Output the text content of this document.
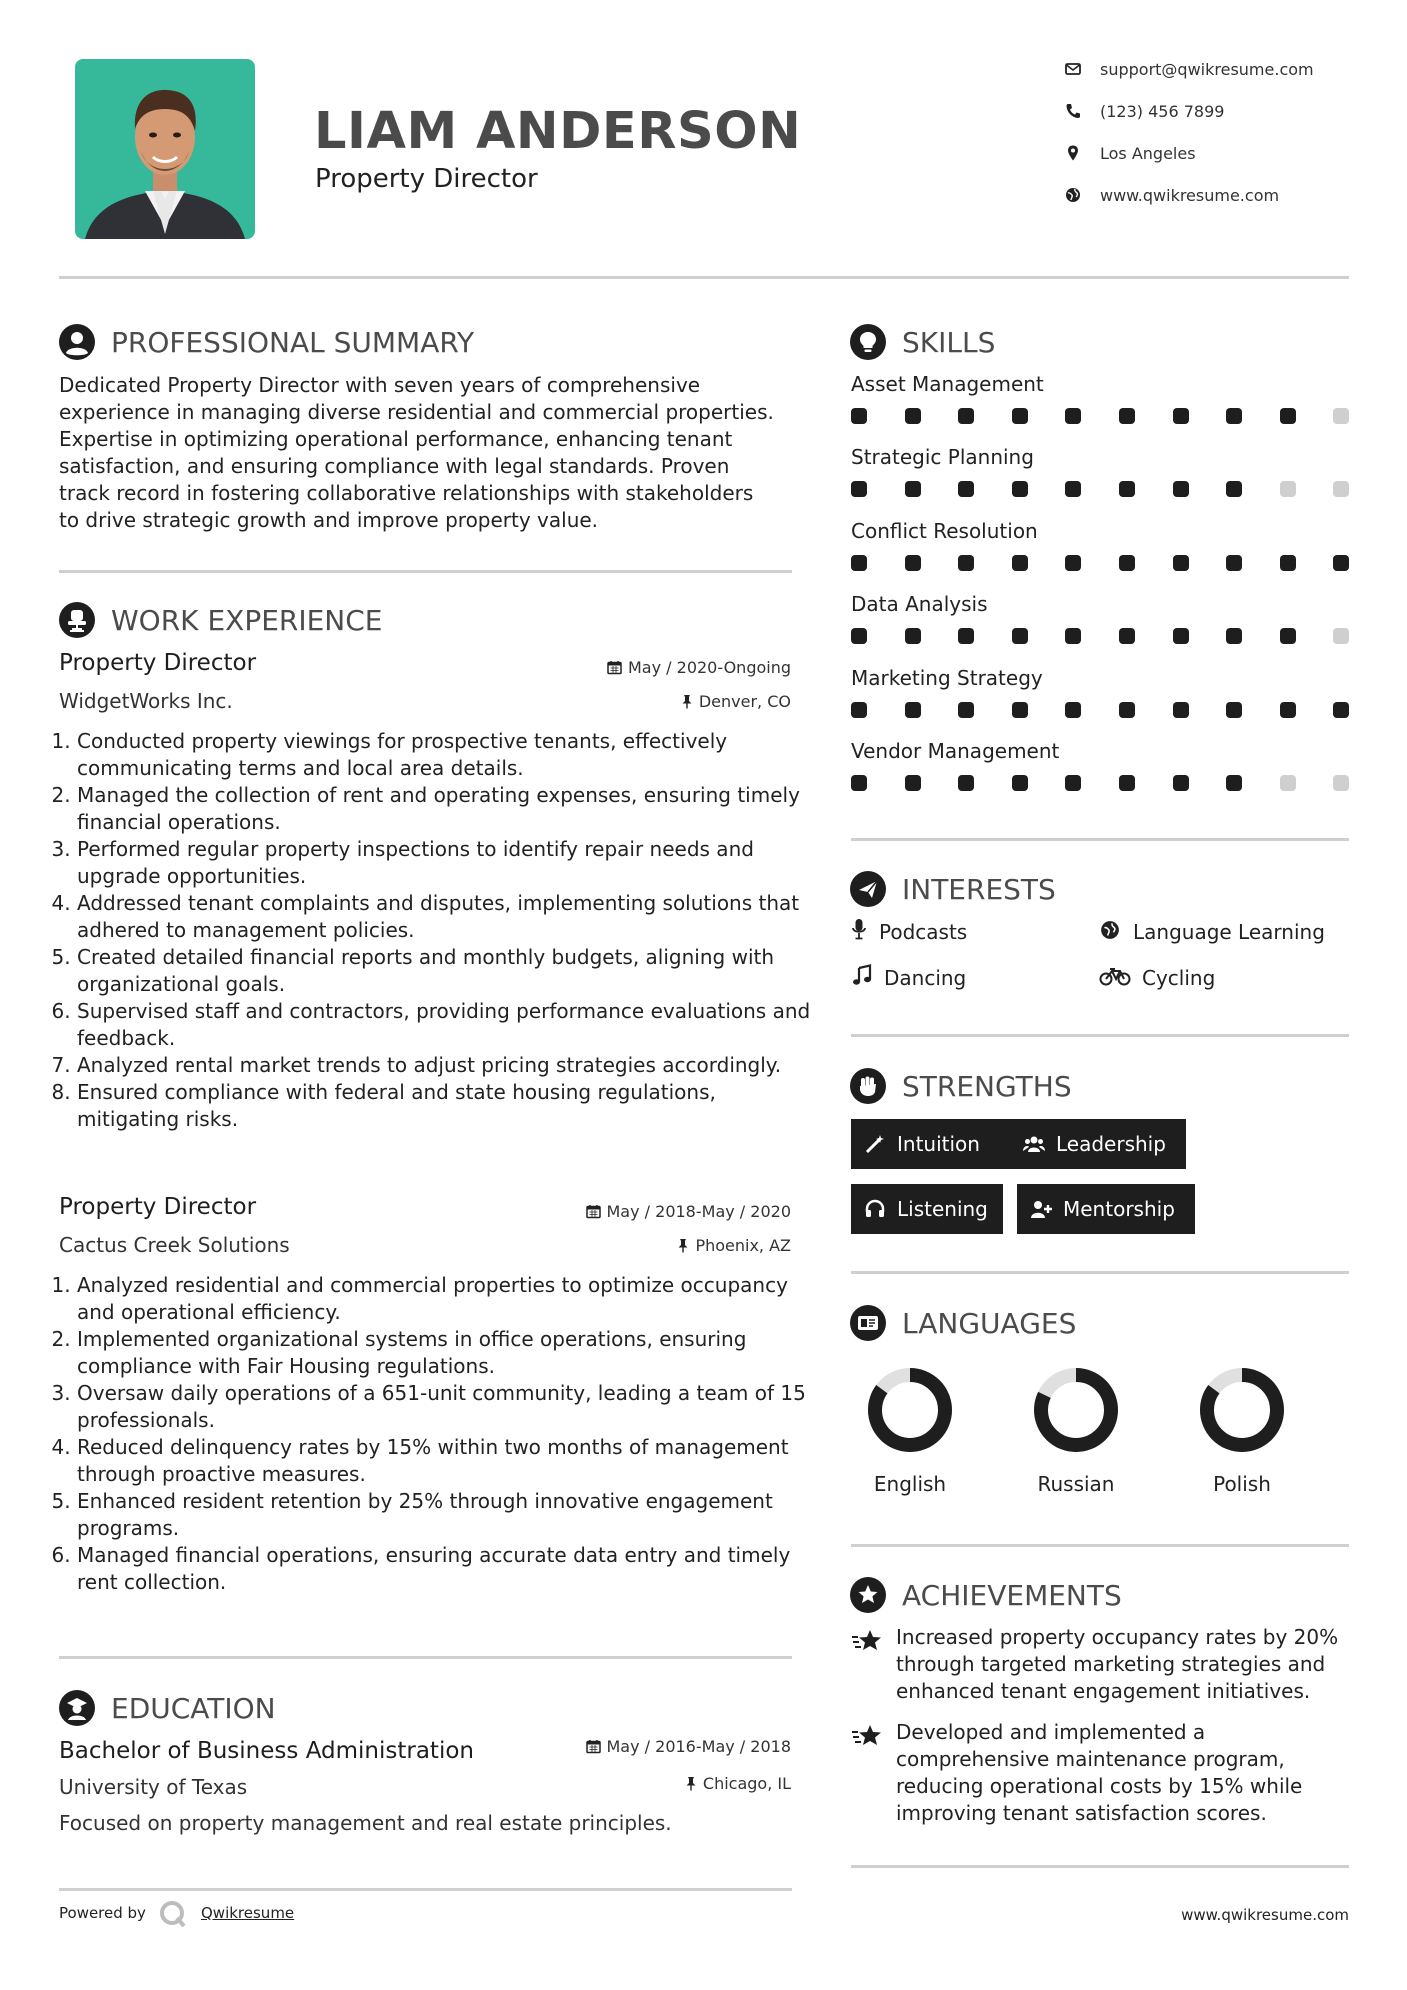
LIAM ANDERSON
Property Director
support@qwikresume.com
(123) 456 7899
Los Angeles
www.qwikresume.com
PROFESSIONAL SUMMARY
Dedicated Property Director with seven years of comprehensive
experience in managing diverse residential and commercial properties.
Expertise in optimizing operational performance, enhancing tenant
satisfaction, and ensuring compliance with legal standards. Proven
track record in fostering collaborative relationships with stakeholders
to drive strategic growth and improve property value.
WORK EXPERIENCE
Property Director	May / 2020-Ongoing
WidgetWorks Inc.	Denver, CO
1. Conducted property viewings for prospective tenants, effectively communicating terms and local area details.
2. Managed the collection of rent and operating expenses, ensuring timely financial operations.
3. Performed regular property inspections to identify repair needs and upgrade opportunities.
4. Addressed tenant complaints and disputes, implementing solutions that adhered to management policies.
5. Created detailed financial reports and monthly budgets, aligning with organizational goals.
6. Supervised staff and contractors, providing performance evaluations and feedback.
7. Analyzed rental market trends to adjust pricing strategies accordingly.
8. Ensured compliance with federal and state housing regulations, mitigating risks.
Property Director	May / 2018-May / 2020
Cactus Creek Solutions	Phoenix, AZ
1. Analyzed residential and commercial properties to optimize occupancy and operational efficiency.
2. Implemented organizational systems in office operations, ensuring compliance with Fair Housing regulations.
3. Oversaw daily operations of a 651-unit community, leading a team of 15 professionals.
4. Reduced delinquency rates by 15% within two months of management through proactive measures.
5. Enhanced resident retention by 25% through innovative engagement programs.
6. Managed financial operations, ensuring accurate data entry and timely rent collection.
EDUCATION
Bachelor of Business Administration	May / 2016-May / 2018
University of Texas	Chicago, IL
Focused on property management and real estate principles.
Powered by	Qwikresume	www.qwikresume.com
SKILLS
Asset Management
Strategic Planning
Conflict Resolution
Data Analysis
Marketing Strategy
Vendor Management
INTERESTS
Podcasts	Language Learning
Dancing	Cycling
STRENGTHS
Intuition	Leadership
Listening	Mentorship
LANGUAGES
English	Russian	Polish
ACHIEVEMENTS
Increased property occupancy rates by 20%
through targeted marketing strategies and
enhanced tenant engagement initiatives.
Developed and implemented a
comprehensive maintenance program,
reducing operational costs by 15% while
improving tenant satisfaction scores.
